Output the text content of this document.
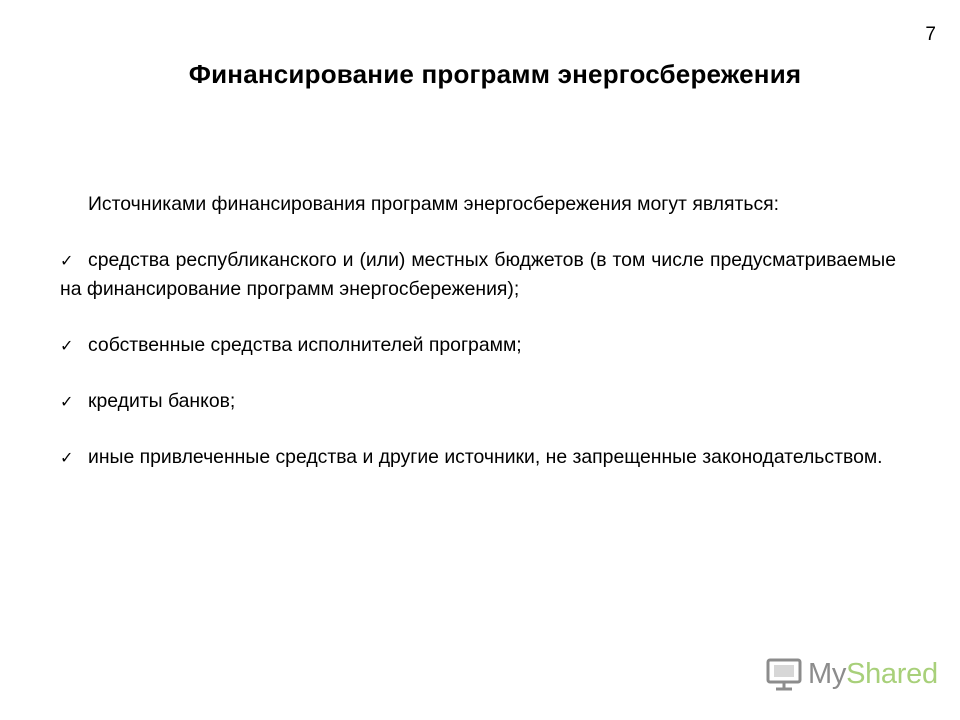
7
Финансирование программ энергосбережения

Источниками финансирования программ энергосбережения могут являться:

✓ средства республиканского и (или) местных бюджетов (в том числе предусматриваемые на финансирование программ энергосбережения);
✓ собственные средства исполнителей программ;
✓ кредиты банков;
✓ иные привлеченные средства и другие источники, не запрещенные законодательством.
My Shared
